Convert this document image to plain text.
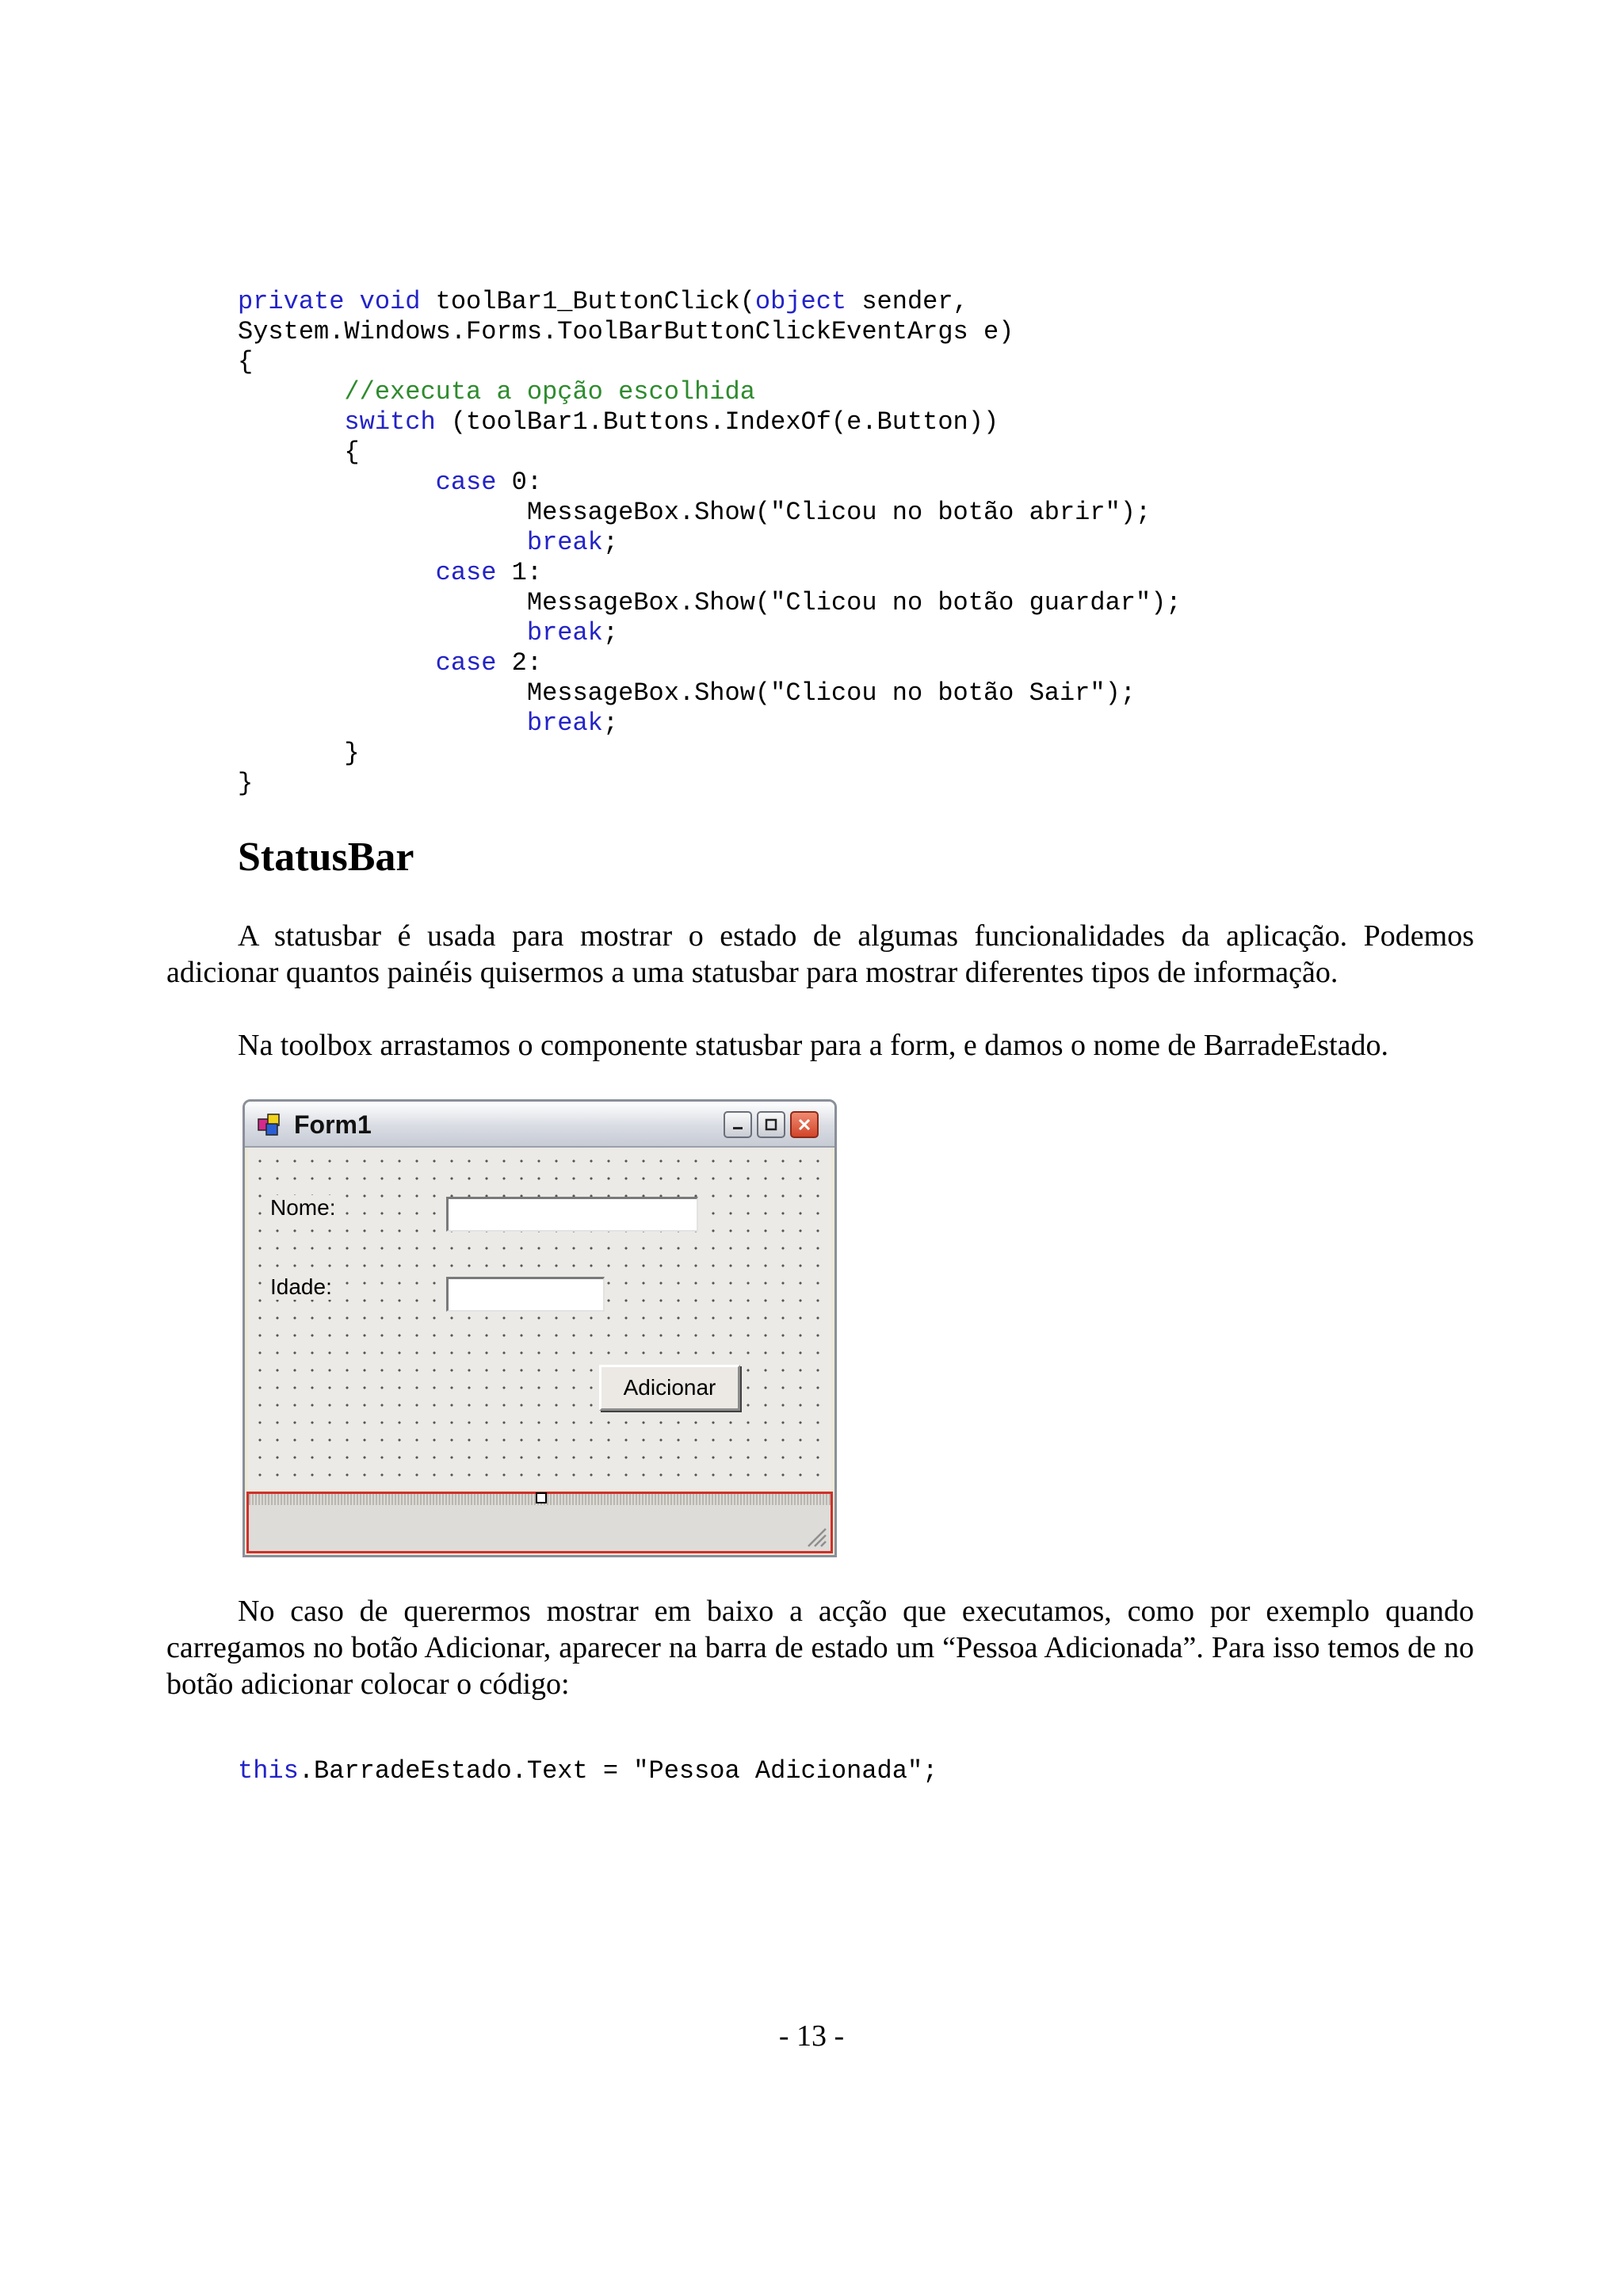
private void toolBar1_ButtonClick(object sender,
System.Windows.Forms.ToolBarButtonClickEventArgs e)
{
//executa a opção escolhida
switch (toolBar1.Buttons.IndexOf(e.Button))
{
case 0:
MessageBox.Show("Clicou no botão abrir");
break;
case 1:
MessageBox.Show("Clicou no botão guardar");
break;
case 2:
MessageBox.Show("Clicou no botão Sair");
break;
}
}
StatusBar

A statusbar é usada para mostrar o estado de algumas funcionalidades da aplicação. Podemos adicionar quantos painéis quisermos a uma statusbar para mostrar diferentes tipos de informação.

Na toolbox arrastamos o componente statusbar para a form, e damos o nome de BarradeEstado.

Form1
Nome:
Idade:
Adicionar

No caso de querermos mostrar em baixo a acção que executamos, como por exemplo quando carregamos no botão Adicionar, aparecer na barra de estado um “Pessoa Adicionada”. Para isso temos de no botão adicionar colocar o código:

this.BarradeEstado.Text = "Pessoa Adicionada";

- 13 -
